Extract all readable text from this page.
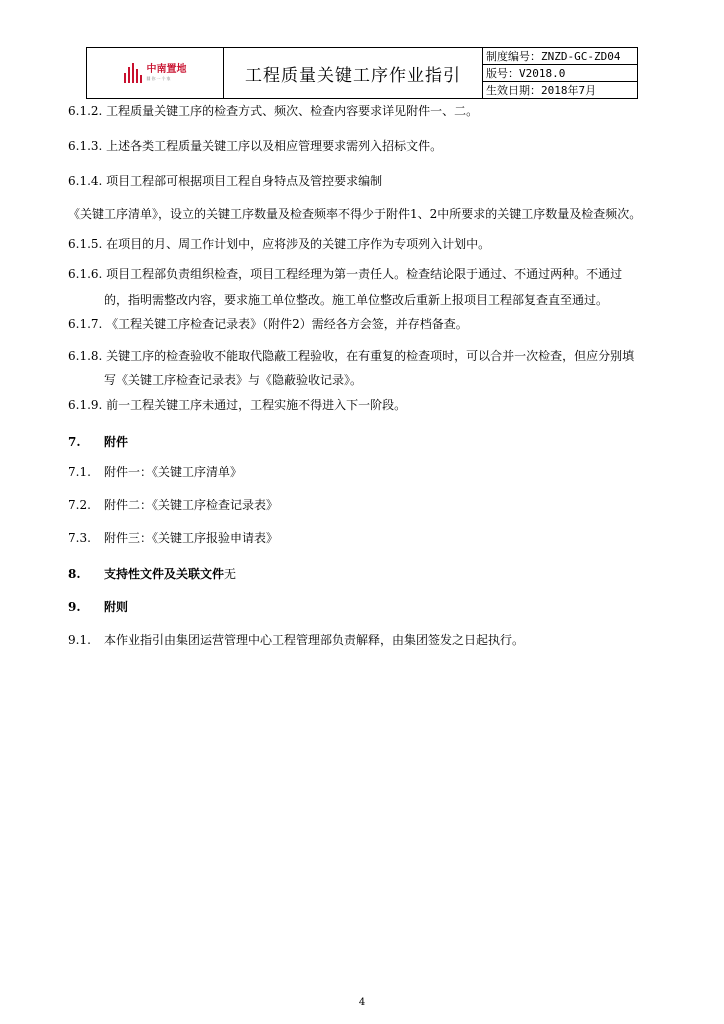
中南置地
圆你一个家	工程质量关键工序作业指引
制度编号：ZNZD-GC-ZD04
版号：V2018.0
生效日期：2018年7月
6.1.2. 工程质量关键工序的检查方式、频次、检查内容要求详见附件一、二。
6.1.3. 上述各类工程质量关键工序以及相应管理要求需列入招标文件。
6.1.4. 项目工程部可根据项目工程自身特点及管控要求编制
《关键工序清单》，设立的关键工序数量及检查频率不得少于附件1、2中所要求的关键工序数量及检查频次。
6.1.5. 在项目的月、周工作计划中，应将涉及的关键工序作为专项列入计划中。
6.1.6. 项目工程部负责组织检查，项目工程经理为第一责任人。检查结论限于通过、不通过两种。不通过
的，指明需整改内容，要求施工单位整改。施工单位整改后重新上报项目工程部复查直至通过。
6.1.7. 《工程关键工序检查记录表》（附件2）需经各方会签，并存档备查。
6.1.8. 关键工序的检查验收不能取代隐蔽工程验收，在有重复的检查项时，可以合并一次检查，但应分别填
写《关键工序检查记录表》与《隐蔽验收记录》。
6.1.9. 前一工程关键工序未通过，工程实施不得进入下一阶段。
7. 附件
7.1. 附件一：《关键工序清单》
7.2. 附件二：《关键工序检查记录表》
7.3. 附件三：《关键工序报验申请表》
8. 支持性文件及关联文件无
9. 附则
9.1. 本作业指引由集团运营管理中心工程管理部负责解释，由集团签发之日起执行。
4
